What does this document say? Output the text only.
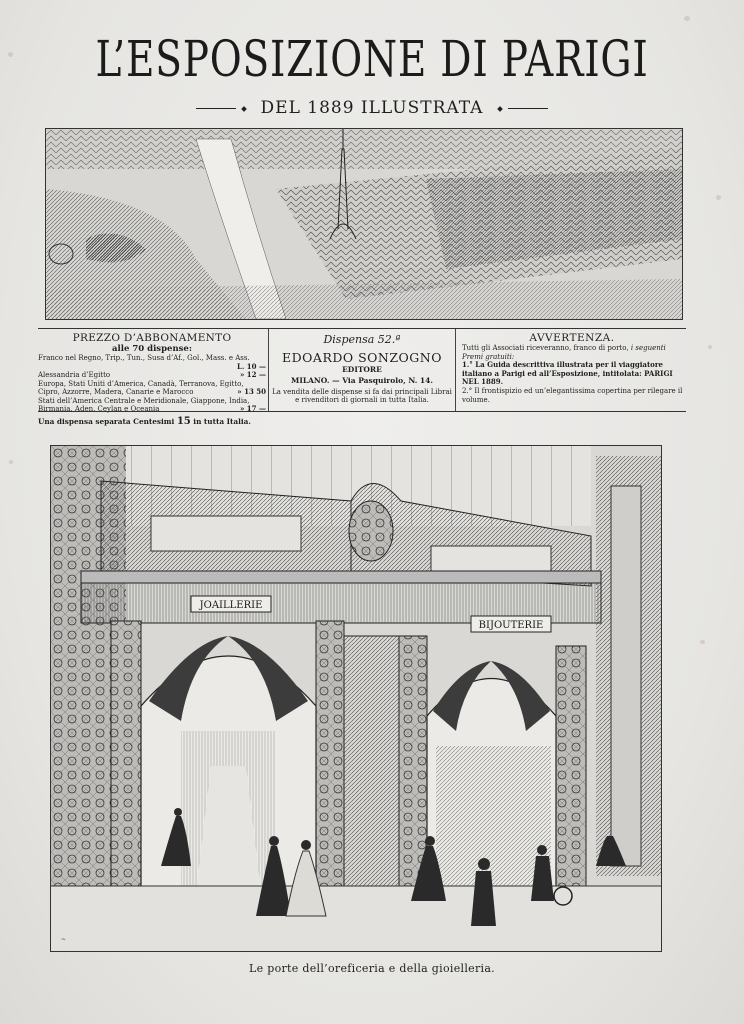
L’ESPOSIZIONE DI PARIGI
DEL 1889 ILLUSTRATA
PREZZO D’ABBONAMENTO
alle 70 dispense:
Franco nel Regno, Trip., Tun., Susa d’Af., Gol., Mass. e Ass.
L. 10 —
Alessandria d’Egitto	» 12 —
Europa, Stati Uniti d’America, Canadà, Terranova, Egitto,
Cipro, Azzorre, Madera, Canarie e Marocco	» 13 50
Stati dell’America Centrale e Meridionale, Giappone, India,
Birmania, Aden, Ceylan e Oceania	» 17 —
Una dispensa separata Centesimi 15 in tutta Italia.
Dispensa 52.ª
EDOARDO SONZOGNO
EDITORE
MILANO. — Via Pasquirolo, N. 14.
La vendita delle dispense si fa dai principali Librai e rivenditori di giornali in tutta Italia.
AVVERTENZA.
Tutti gli Associati riceveranno, franco di porto, i seguenti Premi gratuiti:
1.° La Guida descrittiva illustrata per il viaggiatore italiano a Parigi ed all’Esposizione, intitolata: PARIGI NEL 1889.
2.° Il frontispizio ed un’elegantissima copertina per rilegare il volume.
JOAILLERIE
BIJOUTERIE
~
Le porte dell’oreficeria e della gioielleria.
